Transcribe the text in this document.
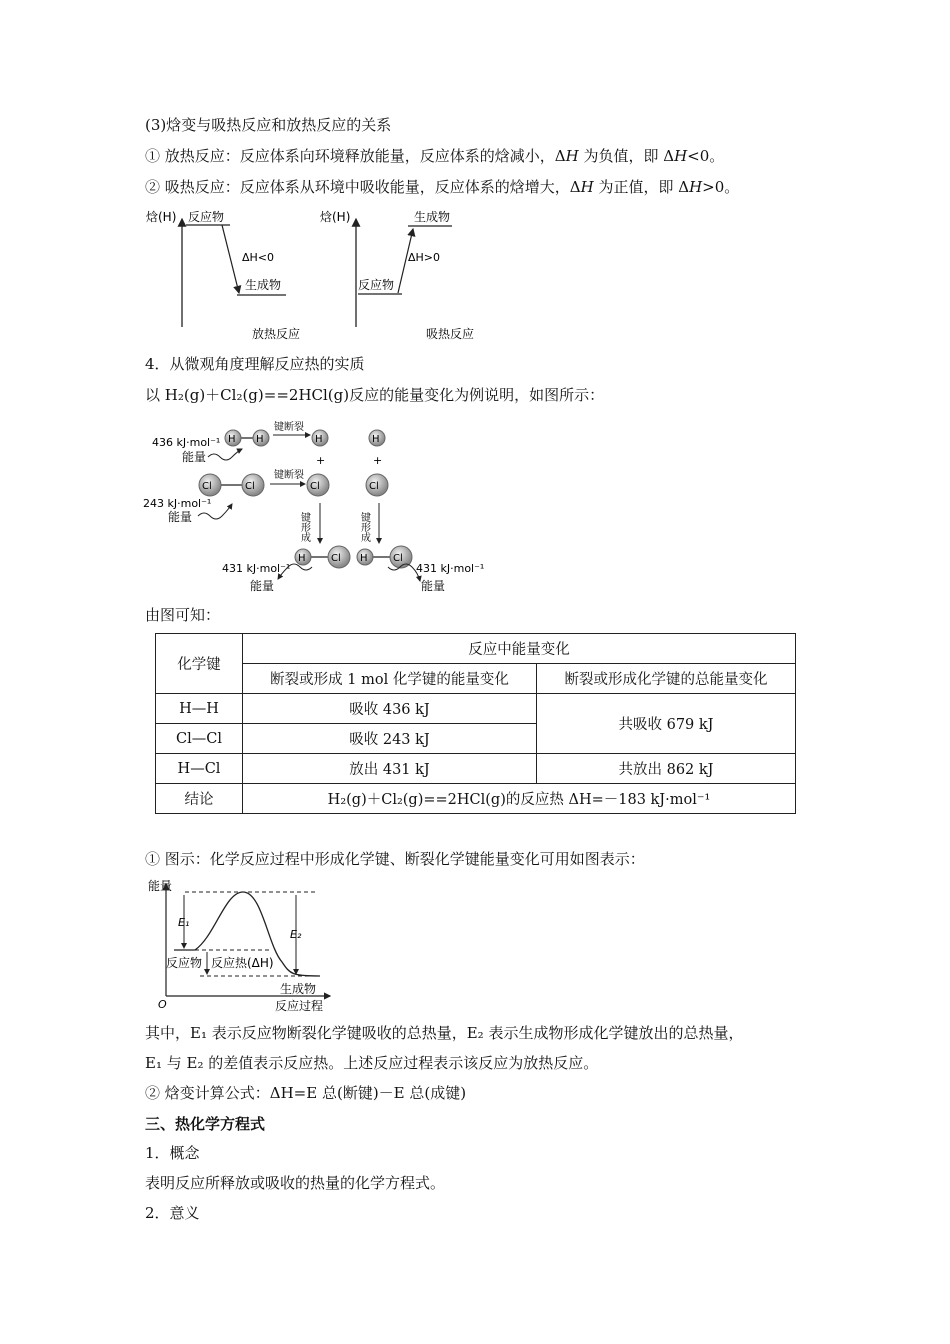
(3)焓变与吸热反应和放热反应的关系
① 放热反应：反应体系向环境释放能量，反应体系的焓减小，ΔH 为负值，即 ΔH<0。
② 吸热反应：反应体系从环境中吸收能量，反应体系的焓增大，ΔH 为正值，即 ΔH>0。
焓(H) 反应物
ΔH<0
生成物
放热反应
焓(H)	生成物
ΔH>0
反应物
吸热反应
4．从微观角度理解反应热的实质
以 H₂(g)＋Cl₂(g)==2HCl(g)反应的能量变化为例说明，如图所示：
436 kJ·mol⁻¹
能量
H H
键断裂
H	H
+	+
243 kJ·mol⁻¹
能量
Cl	Cl
键断裂
Cl	Cl
键形成	键形成
H	Cl H	Cl
431 kJ·mol⁻¹
能量
431 kJ·mol⁻¹
能量
由图可知：
化学键	反应中能量变化	
	断裂或形成 1 mol 化学键的能量变化	断裂或形成化学键的总能量变化
H—H	吸收 436 kJ	共吸收 679 kJ
Cl—Cl	吸收 243 kJ	
H—Cl	放出 431 kJ	共放出 862 kJ
结论	H₂(g)＋Cl₂(g)==2HCl(g)的反应热 ΔH=－183 kJ·mol⁻¹	
① 图示：化学反应过程中形成化学键、断裂化学键能量变化可用如图表示：
能量
O	反应过程
E₁
E₂
反应物 反应热(ΔH)
生成物
其中，E₁ 表示反应物断裂化学键吸收的总热量，E₂ 表示生成物形成化学键放出的总热量，
E₁ 与 E₂ 的差值表示反应热。上述反应过程表示该反应为放热反应。
② 焓变计算公式：ΔH=E 总(断键)－E 总(成键)
三、热化学方程式
1．概念
表明反应所释放或吸收的热量的化学方程式。
2．意义
